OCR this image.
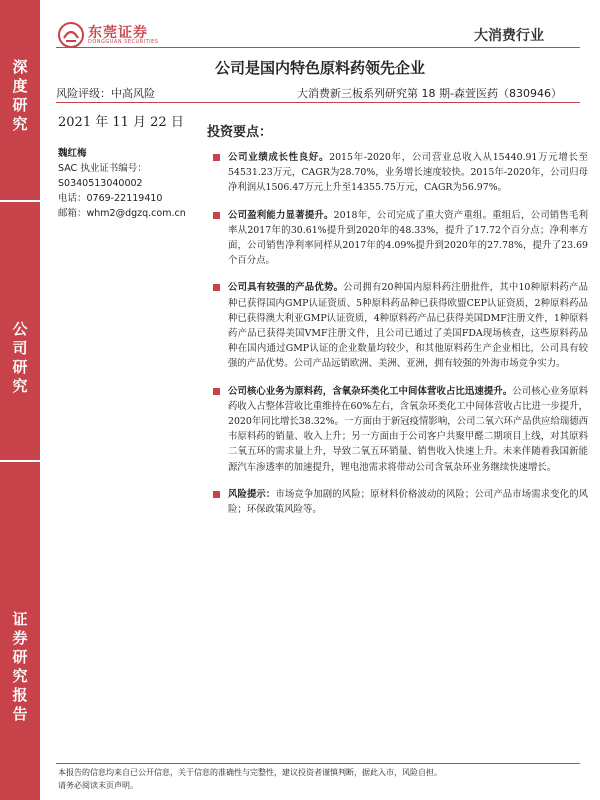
深
度
研
究
公
司
研
究
证
券
研
究
报
告
东莞证券
DONGGUAN SECURITIES	大消费行业
公司是国内特色原料药领先企业
风险评级：中高风险	大消费新三板系列研究第 18 期-森萱医药（830946）
2021 年 11 月 22 日
魏红梅
SAC 执业证书编号：
S0340513040002
电话：0769-22119410
邮箱：whm2@dgzq.com.cn
投资要点：
公司业绩成长性良好。2015年-2020年，公司营业总收入从15440.91万元增长至54531.23万元，CAGR为28.70%，业务增长速度较快。2015年-2020年，公司归母净利润从1506.47万元上升至14355.75万元，CAGR为56.97%。
公司盈利能力显著提升。2018年，公司完成了重大资产重组。重组后，公司销售毛利率从2017年的30.61%提升到2020年的48.33%，提升了17.72个百分点；净利率方面，公司销售净利率同样从2017年的4.09%提升到2020年的27.78%，提升了23.69个百分点。
公司具有较强的产品优势。公司拥有20种国内原料药注册批件，其中10种原料药产品种已获得国内GMP认证资质、5种原料药品种已获得欧盟CEP认证资质，2种原料药品种已获得澳大利亚GMP认证资质，4种原料药产品已获得美国DMF注册文件，1种原料药产品已获得美国VMF注册文件，且公司已通过了美国FDA现场核查，这些原料药品种在国内通过GMP认证的企业数量均较少，和其他原料药生产企业相比，公司具有较强的产品优势。公司产品远销欧洲、美洲、亚洲，拥有较强的外海市场竞争实力。
公司核心业务为原料药，含氧杂环类化工中间体营收占比迅速提升。公司核心业务原料药收入占整体营收比重维持在60%左右，含氧杂环类化工中间体营收占比进一步提升，2020年同比增长38.32%。一方面由于新冠疫情影响，公司二氧六环产品供应给瑞德西韦原料药的销量、收入上升；另一方面由于公司客户共聚甲醛二期项目上线，对其原料二氧五环的需求量上升，导致二氧五环销量、销售收入快速上升。未来伴随着我国新能源汽车渗透率的加速提升，锂电池需求将带动公司含氧杂环业务继续快速增长。
风险提示：市场竞争加剧的风险；原材料价格波动的风险；公司产品市场需求变化的风险；环保政策风险等。
本报告的信息均来自已公开信息，关于信息的准确性与完整性，建议投资者谨慎判断，据此入市，风险自担。
请务必阅读末页声明。
